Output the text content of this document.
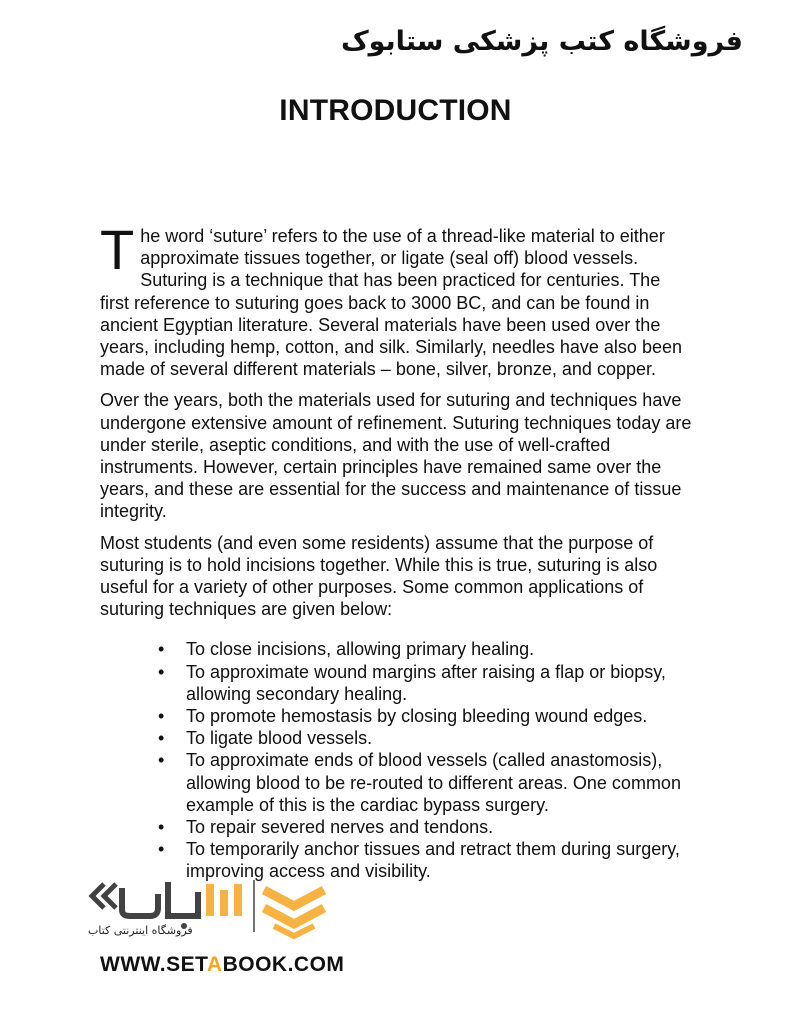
فروشگاه کتب پزشکی ستابوک
INTRODUCTION

The word ‘suture’ refers to the use of a thread-like material to either approximate tissues together, or ligate (seal off) blood vessels. Suturing is a technique that has been practiced for centuries. The first reference to suturing goes back to 3000 BC, and can be found in ancient Egyptian literature. Several materials have been used over the years, including hemp, cotton, and silk. Similarly, needles have also been made of several different materials – bone, silver, bronze, and copper.

Over the years, both the materials used for suturing and techniques have undergone extensive amount of refinement. Suturing techniques today are under sterile, aseptic conditions, and with the use of well-crafted instruments. However, certain principles have remained same over the years, and these are essential for the success and maintenance of tissue integrity.

Most students (and even some residents) assume that the purpose of suturing is to hold incisions together. While this is true, suturing is also useful for a variety of other purposes. Some common applications of suturing techniques are given below:

• To close incisions, allowing primary healing.
• To approximate wound margins after raising a flap or biopsy, allowing secondary healing.
• To promote hemostasis by closing bleeding wound edges.
• To ligate blood vessels.
• To approximate ends of blood vessels (called anastomosis), allowing blood to be re-routed to different areas. One common example of this is the cardiac bypass surgery.
• To repair severed nerves and tendons.
• To temporarily anchor tissues and retract them during surgery, improving access and visibility.
فروشگاه اینترنتی کتاب
WWW.SETABOOK.COM
